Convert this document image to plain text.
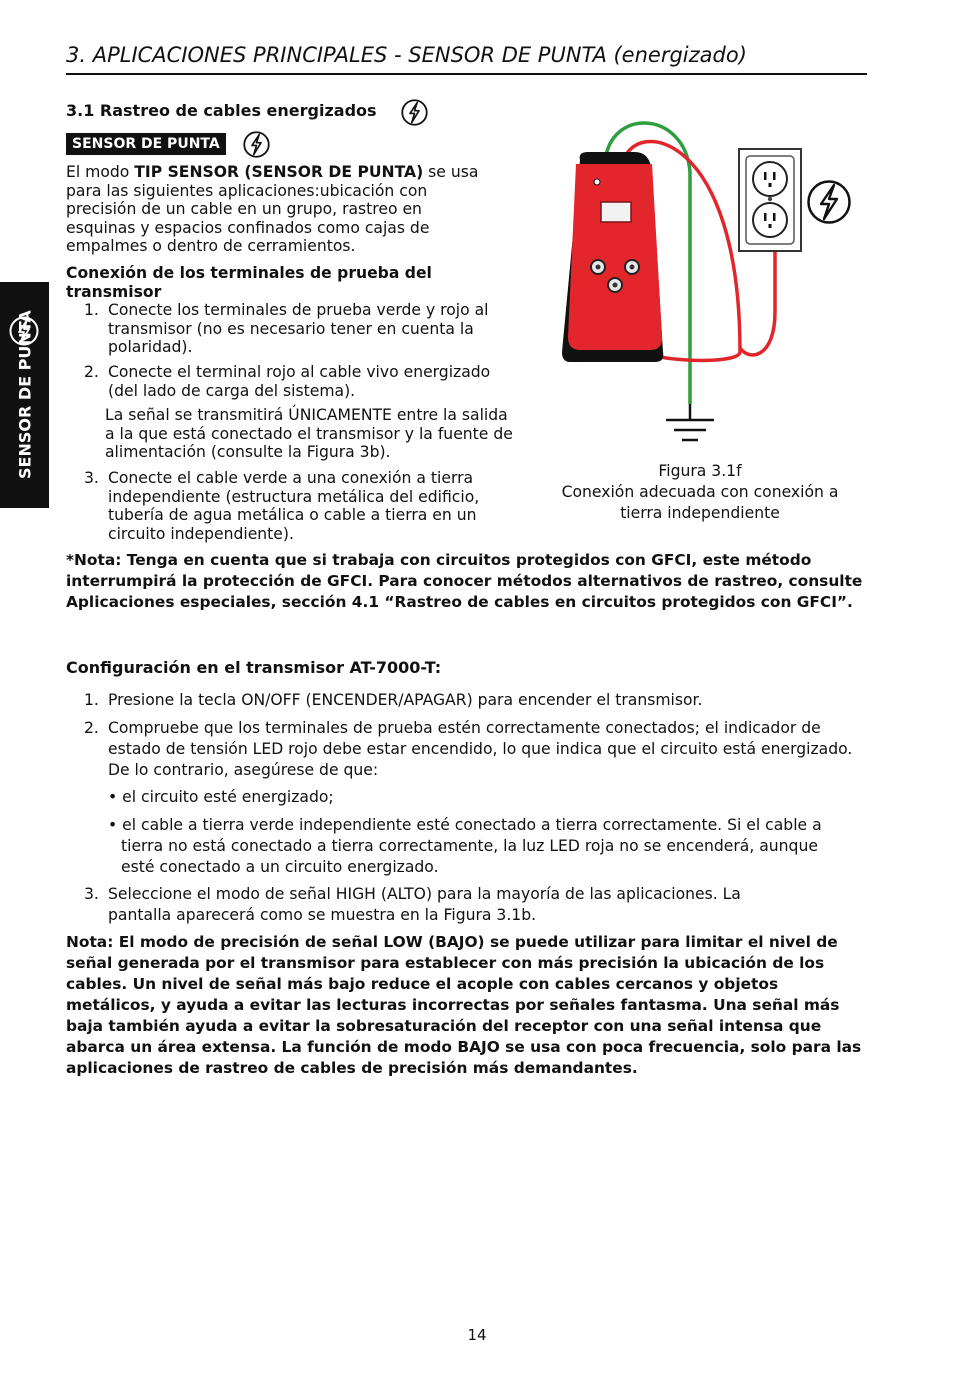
3. APLICACIONES PRINCIPALES - SENSOR DE PUNTA (energizado)
SENSOR DE PUNTA
3.1 Rastreo de cables energizados
SENSOR DE PUNTA

El modo TIP SENSOR (SENSOR DE PUNTA) se usa para las siguientes aplicaciones:ubicación con precisión de un cable en un grupo, rastreo en esquinas y espacios confinados como cajas de empalmes o dentro de cerramientos.

Conexión de los terminales de prueba del transmisor

1. Conecte los terminales de prueba verde y rojo al transmisor (no es necesario tener en cuenta la polaridad).

2. Conecte el terminal rojo al cable vivo energizado (del lado de carga del sistema).

La señal se transmitirá ÚNICAMENTE entre la salida a la que está conectado el transmisor y la fuente de alimentación (consulte la Figura 3b).

3. Conecte el cable verde a una conexión a tierra independiente (estructura metálica del edificio, tubería de agua metálica o cable a tierra en un circuito independiente).

Figura 3.1f
Conexión adecuada con conexión a tierra independiente
*Nota: Tenga en cuenta que si trabaja con circuitos protegidos con GFCI, este método interrumpirá la protección de GFCI. Para conocer métodos alternativos de rastreo, consulte Aplicaciones especiales, sección 4.1 “Rastreo de cables en circuitos protegidos con GFCI”.
Configuración en el transmisor AT-7000-T:

1. Presione la tecla ON/OFF (ENCENDER/APAGAR) para encender el transmisor.

2. Compruebe que los terminales de prueba estén correctamente conectados; el indicador de estado de tensión LED rojo debe estar encendido, lo que indica que el circuito está energizado. De lo contrario, asegúrese de que:

• el circuito esté energizado;
• el cable a tierra verde independiente esté conectado a tierra correctamente. Si el cable a tierra no está conectado a tierra correctamente, la luz LED roja no se encenderá, aunque esté conectado a un circuito energizado.

3. Seleccione el modo de señal HIGH (ALTO) para la mayoría de las aplicaciones. La pantalla aparecerá como se muestra en la Figura 3.1b.

Nota: El modo de precisión de señal LOW (BAJO) se puede utilizar para limitar el nivel de señal generada por el transmisor para establecer con más precisión la ubicación de los cables. Un nivel de señal más bajo reduce el acople con cables cercanos y objetos metálicos, y ayuda a evitar las lecturas incorrectas por señales fantasma. Una señal más baja también ayuda a evitar la sobresaturación del receptor con una señal intensa que abarca un área extensa. La función de modo BAJO se usa con poca frecuencia, solo para las aplicaciones de rastreo de cables de precisión más demandantes.
14
